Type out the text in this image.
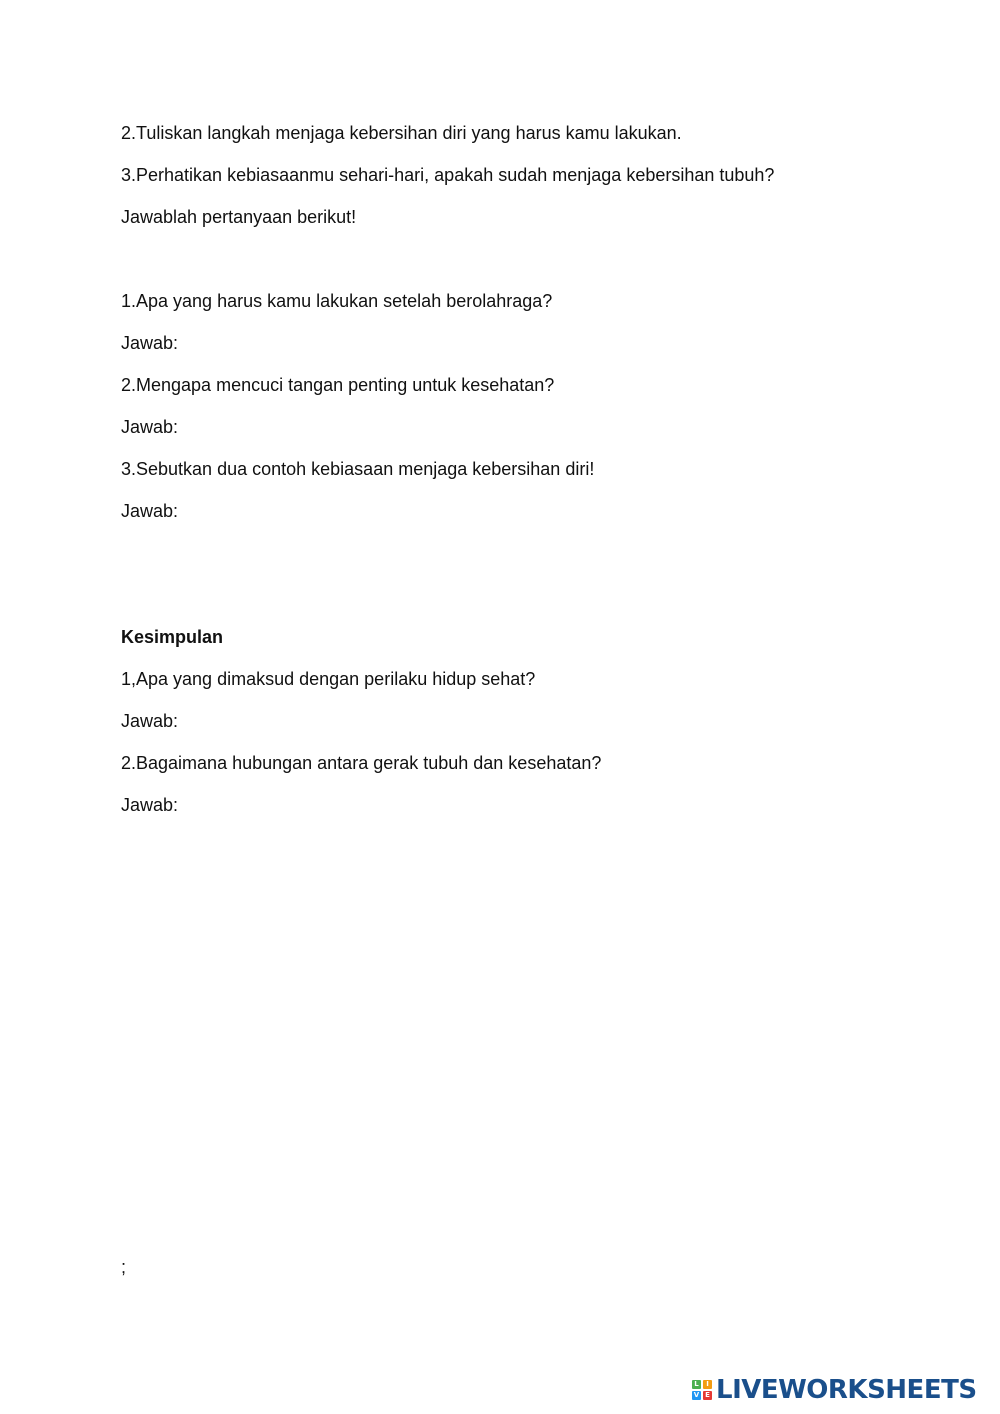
2.Tuliskan langkah menjaga kebersihan diri yang harus kamu lakukan.
3.Perhatikan kebiasaanmu sehari-hari, apakah sudah menjaga kebersihan tubuh?
Jawablah pertanyaan berikut!
1.Apa yang harus kamu lakukan setelah berolahraga?
Jawab:
2.Mengapa mencuci tangan penting untuk kesehatan?
Jawab:
3.Sebutkan dua contoh kebiasaan menjaga kebersihan diri!
Jawab:
Kesimpulan
1,Apa yang dimaksud dengan perilaku hidup sehat?
Jawab:
2.Bagaimana hubungan antara gerak tubuh dan kesehatan?
Jawab:
;
L	I
V E LIVEWORKSHEETS
